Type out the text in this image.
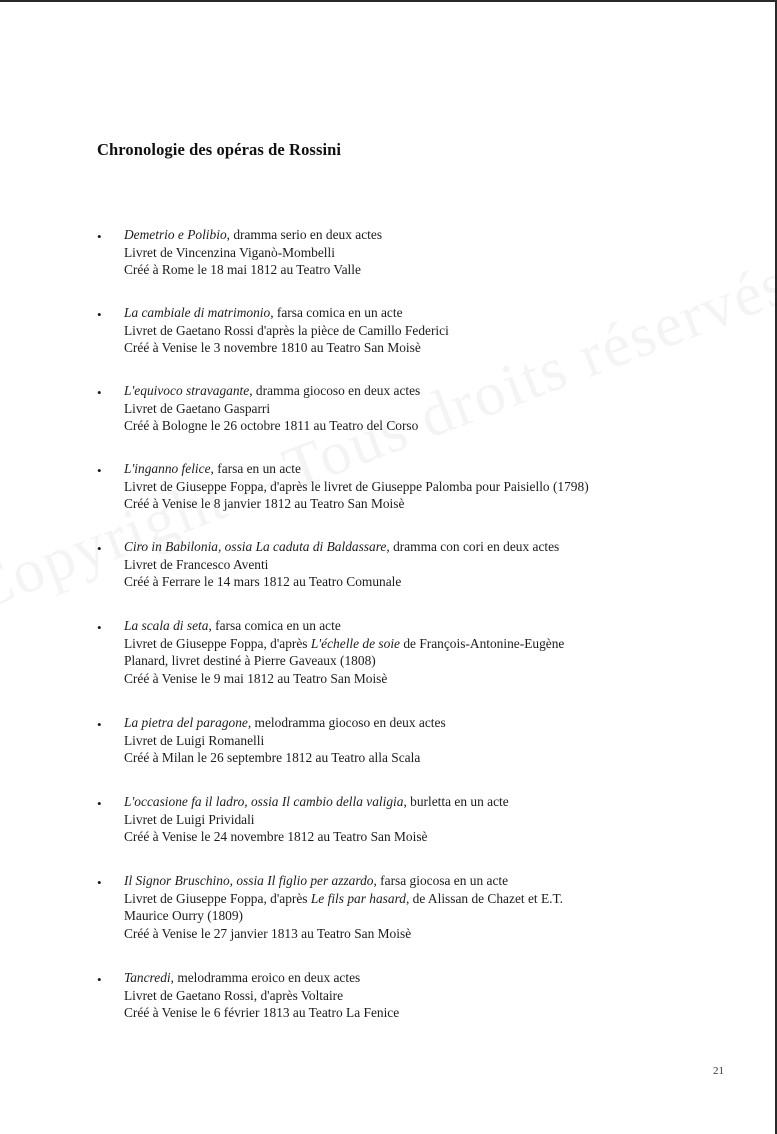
Chronologie des opéras de Rossini
• Demetrio e Polibio, dramma serio en deux actes
Livret de Vincenzina Viganò-Mombelli
Créé à Rome le 18 mai 1812 au Teatro Valle
• La cambiale di matrimonio, farsa comica en un acte
Livret de Gaetano Rossi d'après la pièce de Camillo Federici
Créé à Venise le 3 novembre 1810 au Teatro San Moisè
• L'equivoco stravagante, dramma giocoso en deux actes
Livret de Gaetano Gasparri
Créé à Bologne le 26 octobre 1811 au Teatro del Corso
• L'inganno felice, farsa en un acte
Livret de Giuseppe Foppa, d'après le livret de Giuseppe Palomba pour Paisiello (1798)
Créé à Venise le 8 janvier 1812 au Teatro San Moisè
• Ciro in Babilonia, ossia La caduta di Baldassare, dramma con cori en deux actes
Livret de Francesco Aventi
Créé à Ferrare le 14 mars 1812 au Teatro Comunale
• La scala di seta, farsa comica en un acte
Livret de Giuseppe Foppa, d'après L'échelle de soie de François-Antonine-Eugène
Planard, livret destiné à Pierre Gaveaux (1808)
Créé à Venise le 9 mai 1812 au Teatro San Moisè
• La pietra del paragone, melodramma giocoso en deux actes
Livret de Luigi Romanelli
Créé à Milan le 26 septembre 1812 au Teatro alla Scala
• L'occasione fa il ladro, ossia Il cambio della valigia, burletta en un acte
Livret de Luigi Prividali
Créé à Venise le 24 novembre 1812 au Teatro San Moisè
• Il Signor Bruschino, ossia Il figlio per azzardo, farsa giocosa en un acte
Livret de Giuseppe Foppa, d'après Le fils par hasard, de Alissan de Chazet et E.T.
Maurice Ourry (1809)
Créé à Venise le 27 janvier 1813 au Teatro San Moisè
• Tancredi, melodramma eroico en deux actes
Livret de Gaetano Rossi, d'après Voltaire
Créé à Venise le 6 février 1813 au Teatro La Fenice
21
